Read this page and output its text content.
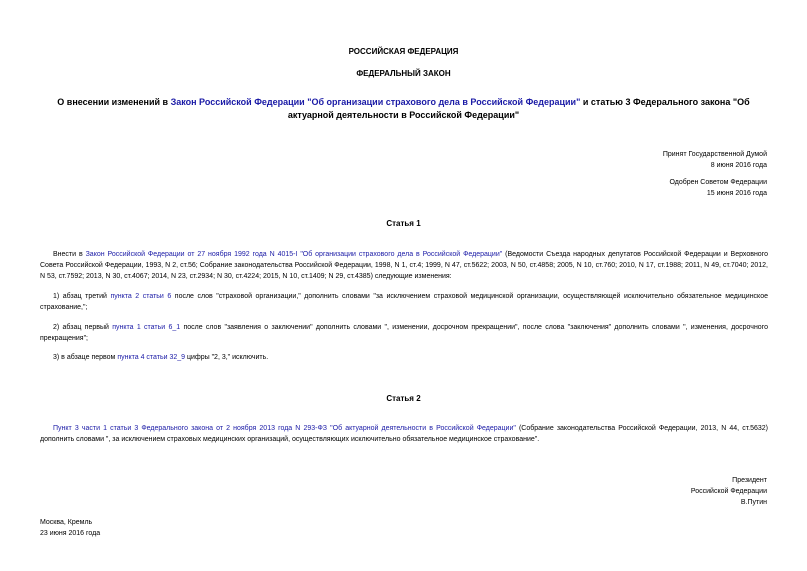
РОССИЙСКАЯ ФЕДЕРАЦИЯ
ФЕДЕРАЛЬНЫЙ ЗАКОН
О внесении изменений в Закон Российской Федерации "Об организации страхового дела в Российской Федерации" и статью 3 Федерального закона "Об актуарной деятельности в Российской Федерации"
Принят Государственной Думой
8 июня 2016 года
Одобрен Советом Федерации
15 июня 2016 года
Статья 1
Внести в Закон Российской Федерации от 27 ноября 1992 года N 4015-I "Об организации страхового дела в Российской Федерации" (Ведомости Съезда народных депутатов Российской Федерации и Верховного Совета Российской Федерации, 1993, N 2, ст.56; Собрание законодательства Российской Федерации, 1998, N 1, ст.4; 1999, N 47, ст.5622; 2003, N 50, ст.4858; 2005, N 10, ст.760; 2010, N 17, ст.1988; 2011, N 49, ст.7040; 2012, N 53, ст.7592; 2013, N 30, ст.4067; 2014, N 23, ст.2934; N 30, ст.4224; 2015, N 10, ст.1409; N 29, ст.4385) следующие изменения:
1) абзац третий пункта 2 статьи 6 после слов "страховой организации," дополнить словами "за исключением страховой медицинской организации, осуществляющей исключительно обязательное медицинское страхование,";
2) абзац первый пункта 1 статьи 6_1 после слов "заявления о заключении" дополнить словами ", изменении, досрочном прекращении", после слова "заключения" дополнить словами ", изменения, досрочного прекращения";
3) в абзаце первом пункта 4 статьи 32_9 цифры "2, 3," исключить.
Статья 2
Пункт 3 части 1 статьи 3 Федерального закона от 2 ноября 2013 года N 293-ФЗ "Об актуарной деятельности в Российской Федерации" (Собрание законодательства Российской Федерации, 2013, N 44, ст.5632) дополнить словами ", за исключением страховых медицинских организаций, осуществляющих исключительно обязательное медицинское страхование".
Президент
Российской Федерации
В.Путин
Москва, Кремль
23 июня 2016 года
